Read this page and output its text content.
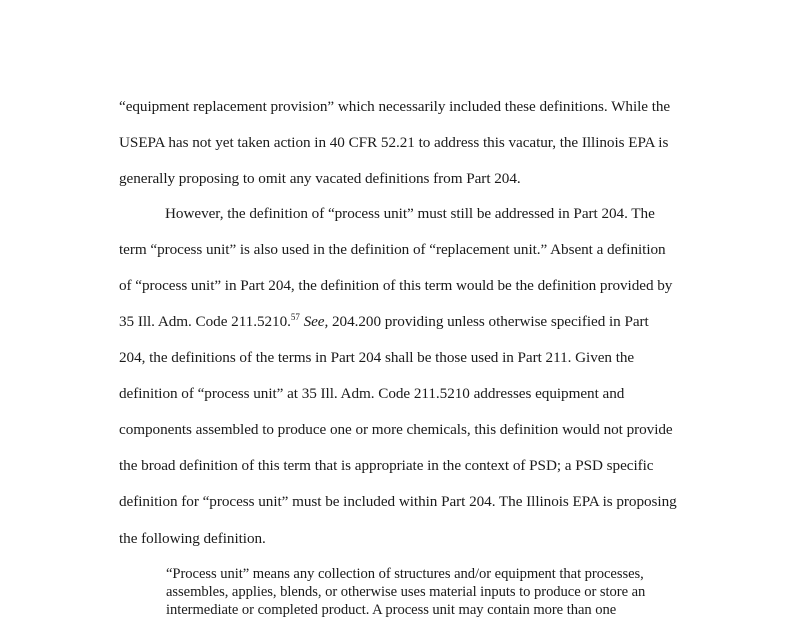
“equipment replacement provision” which necessarily included these definitions. While the
USEPA has not yet taken action in 40 CFR 52.21 to address this vacatur, the Illinois EPA is
generally proposing to omit any vacated definitions from Part 204.
However, the definition of “process unit” must still be addressed in Part 204. The
term “process unit” is also used in the definition of “replacement unit.” Absent a definition
of “process unit” in Part 204, the definition of this term would be the definition provided by
35 Ill. Adm. Code 211.5210.57 See, 204.200 providing unless otherwise specified in Part
204, the definitions of the terms in Part 204 shall be those used in Part 211. Given the
definition of “process unit” at 35 Ill. Adm. Code 211.5210 addresses equipment and
components assembled to produce one or more chemicals, this definition would not provide
the broad definition of this term that is appropriate in the context of PSD; a PSD specific
definition for “process unit” must be included within Part 204. The Illinois EPA is proposing
the following definition.
“Process unit” means any collection of structures and/or equipment that processes,
assembles, applies, blends, or otherwise uses material inputs to produce or store an
intermediate or completed product. A process unit may contain more than one
